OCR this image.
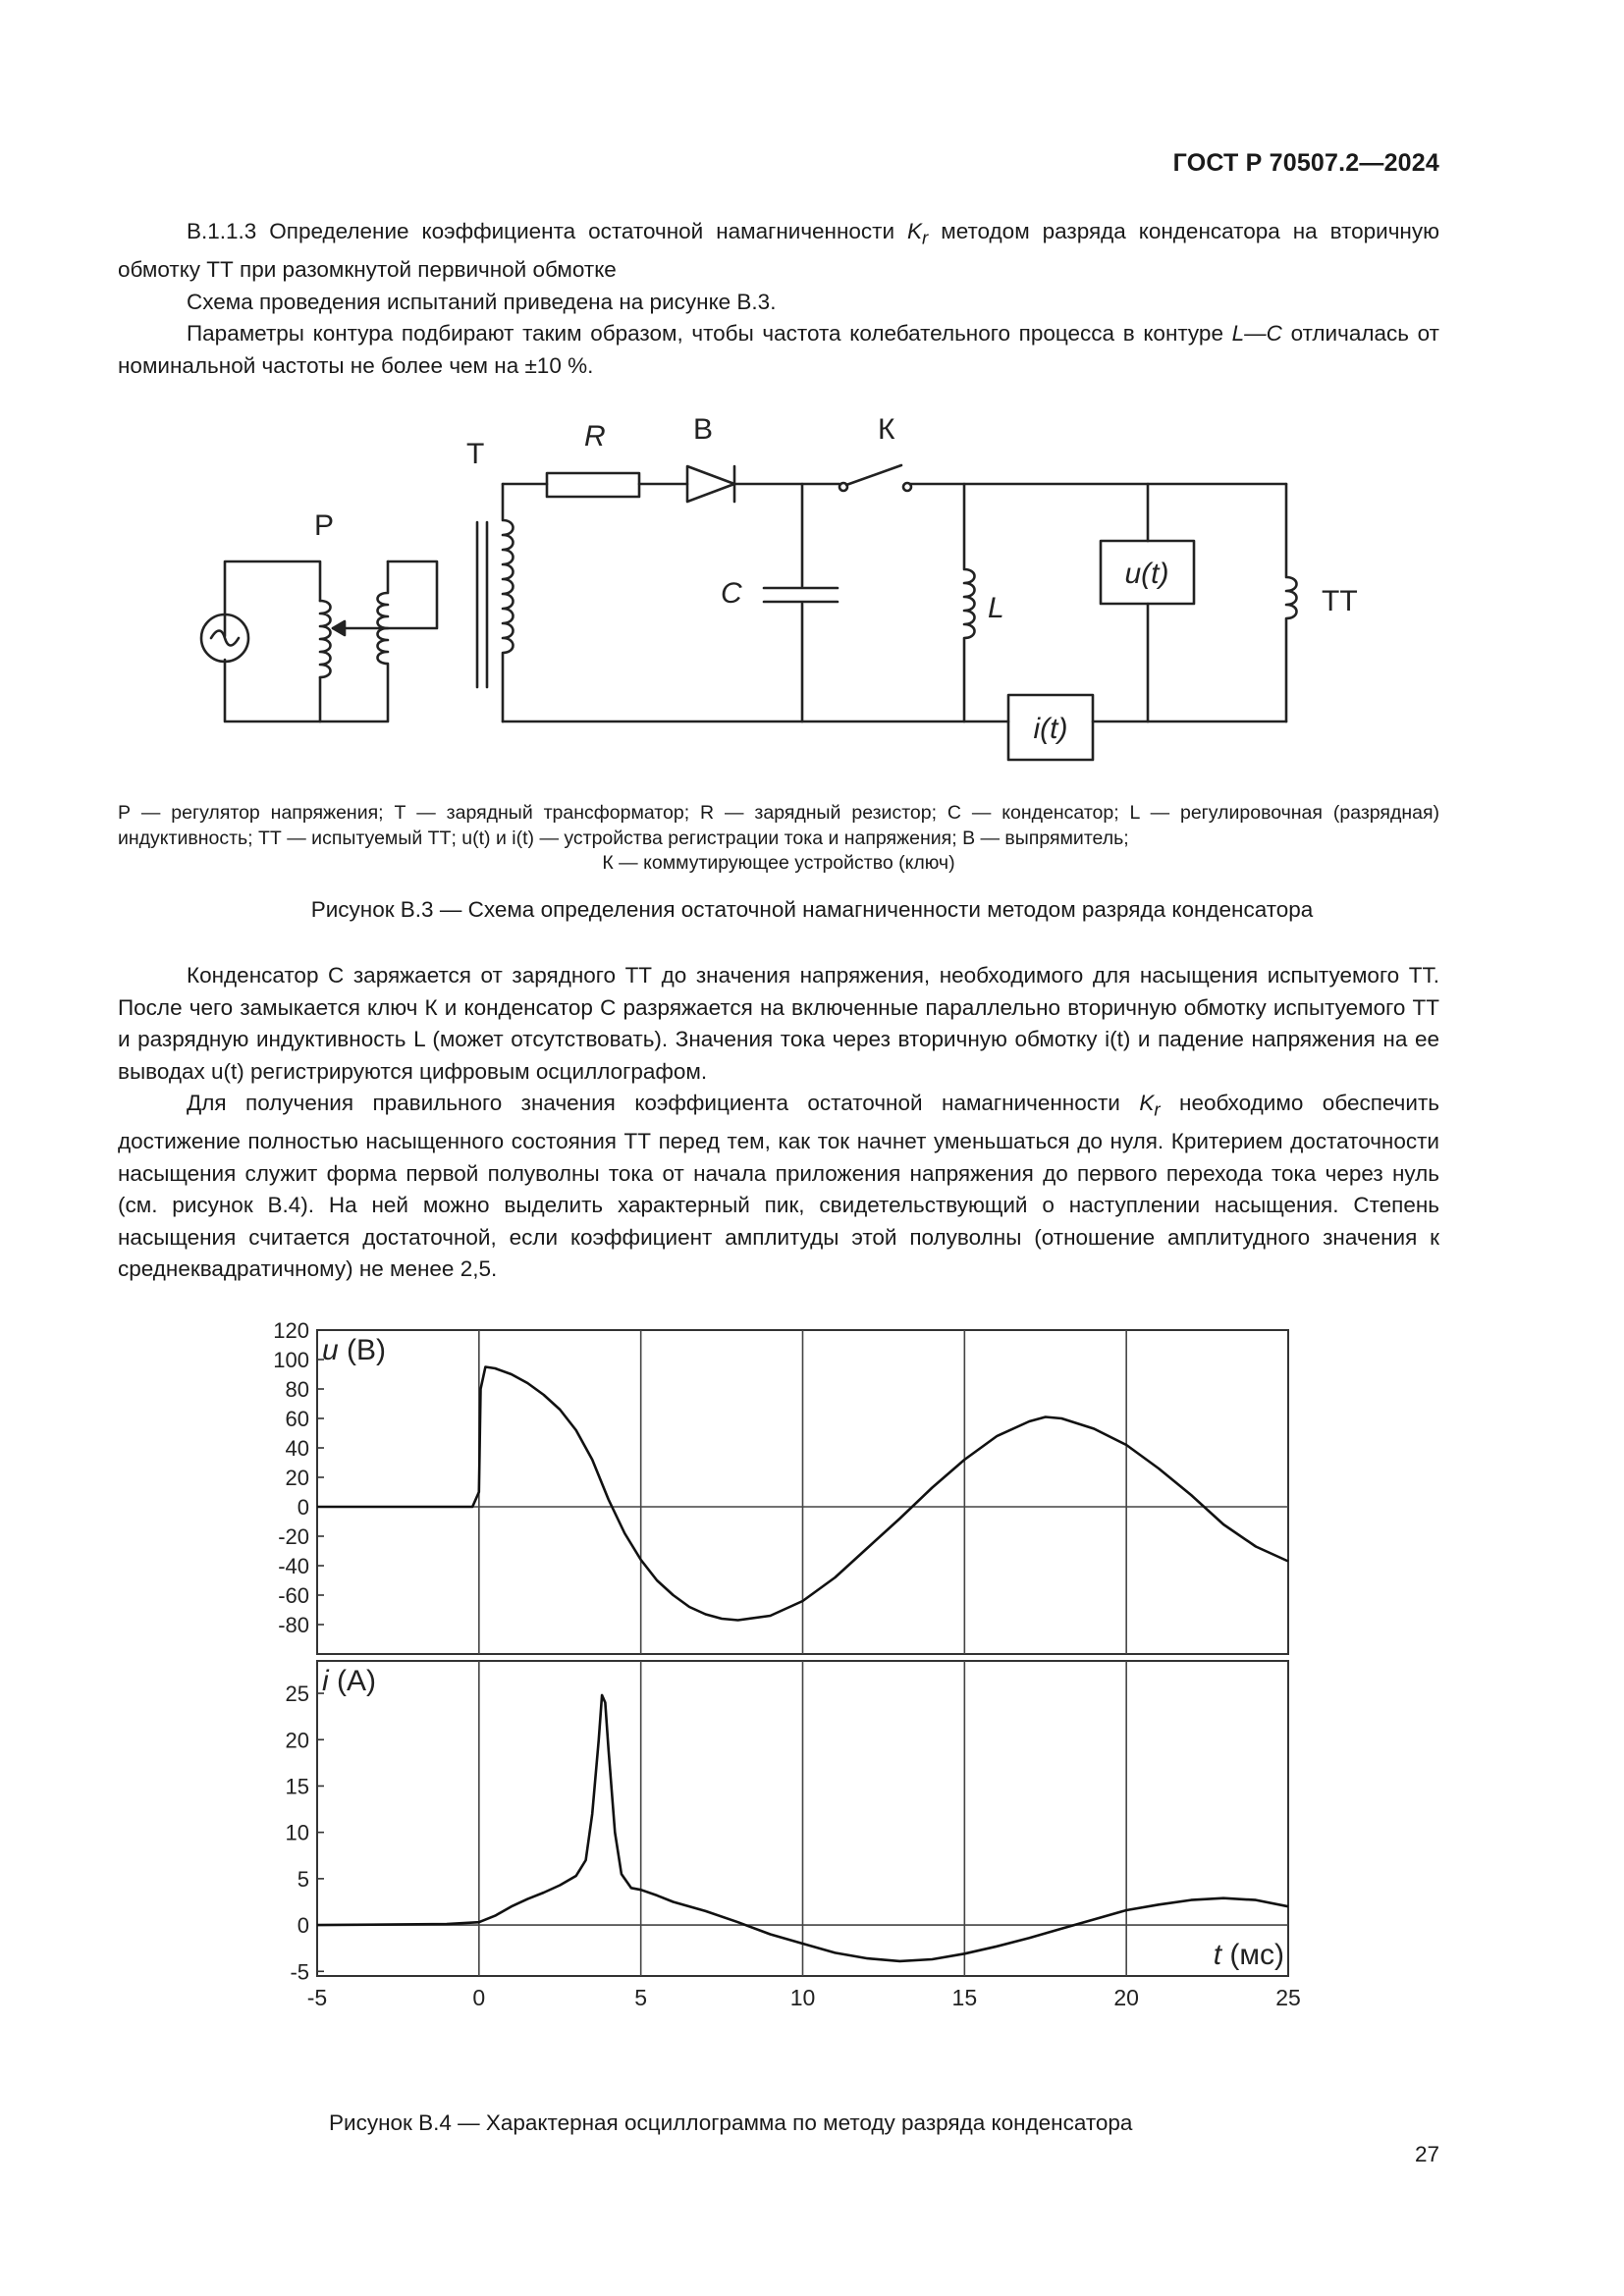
ГОСТ Р 70507.2—2024

В.1.1.3 Определение коэффициента остаточной намагниченности $K_r$ методом разряда конденсатора на вторичную обмотку ТТ при разомкнутой первичной обмотке

Схема проведения испытаний приведена на рисунке В.3.

Параметры контура подбирают таким образом, чтобы частота колебательного процесса в контуре L—C отличалась от номинальной частоты не более чем на ±10 %.

Т
R	В	К
Р
C	L
u(t)
i(t)
ТТ
Р — регулятор напряжения; Т — зарядный трансформатор; R — зарядный резистор; C — конденсатор; L — регулировочная (разрядная) индуктивность; ТТ — испытуемый ТТ; u(t) и i(t) — устройства регистрации тока и напряжения; В — выпрямитель;
К — коммутирующее устройство (ключ)
Рисунок В.3 — Схема определения остаточной намагниченности методом разряда конденсатора

Конденсатор C заряжается от зарядного ТТ до значения напряжения, необходимого для насыщения испытуемого ТТ. После чего замыкается ключ К и конденсатор C разряжается на включенные параллельно вторичную обмотку испытуемого ТТ и разрядную индуктивность L (может отсутствовать). Значения тока через вторичную обмотку i(t) и падение напряжения на ее выводах u(t) регистрируются цифровым осциллографом.

Для получения правильного значения коэффициента остаточной намагниченности $K_r$ необходимо обеспечить достижение полностью насыщенного состояния ТТ перед тем, как ток начнет уменьшаться до нуля. Критерием достаточности насыщения служит форма первой полуволны тока от начала приложения напряжения до первого перехода тока через нуль (см. рисунок В.4). На ней можно выделить характерный пик, свидетельствующий о наступлении насыщения. Степень насыщения считается достаточной, если коэффициент амплитуды этой полуволны (отношение амплитудного значения к среднеквадратичному) не менее 2,5.

120
100
80
60
40
20
0
-20
-40
-60
-80
u (B)
25
20
15
10
5
0
-5
i (A)
-5	0	5	10	15	20	25
t (мс)
Рисунок В.4 — Характерная осциллограмма по методу разряда конденсатора
27
